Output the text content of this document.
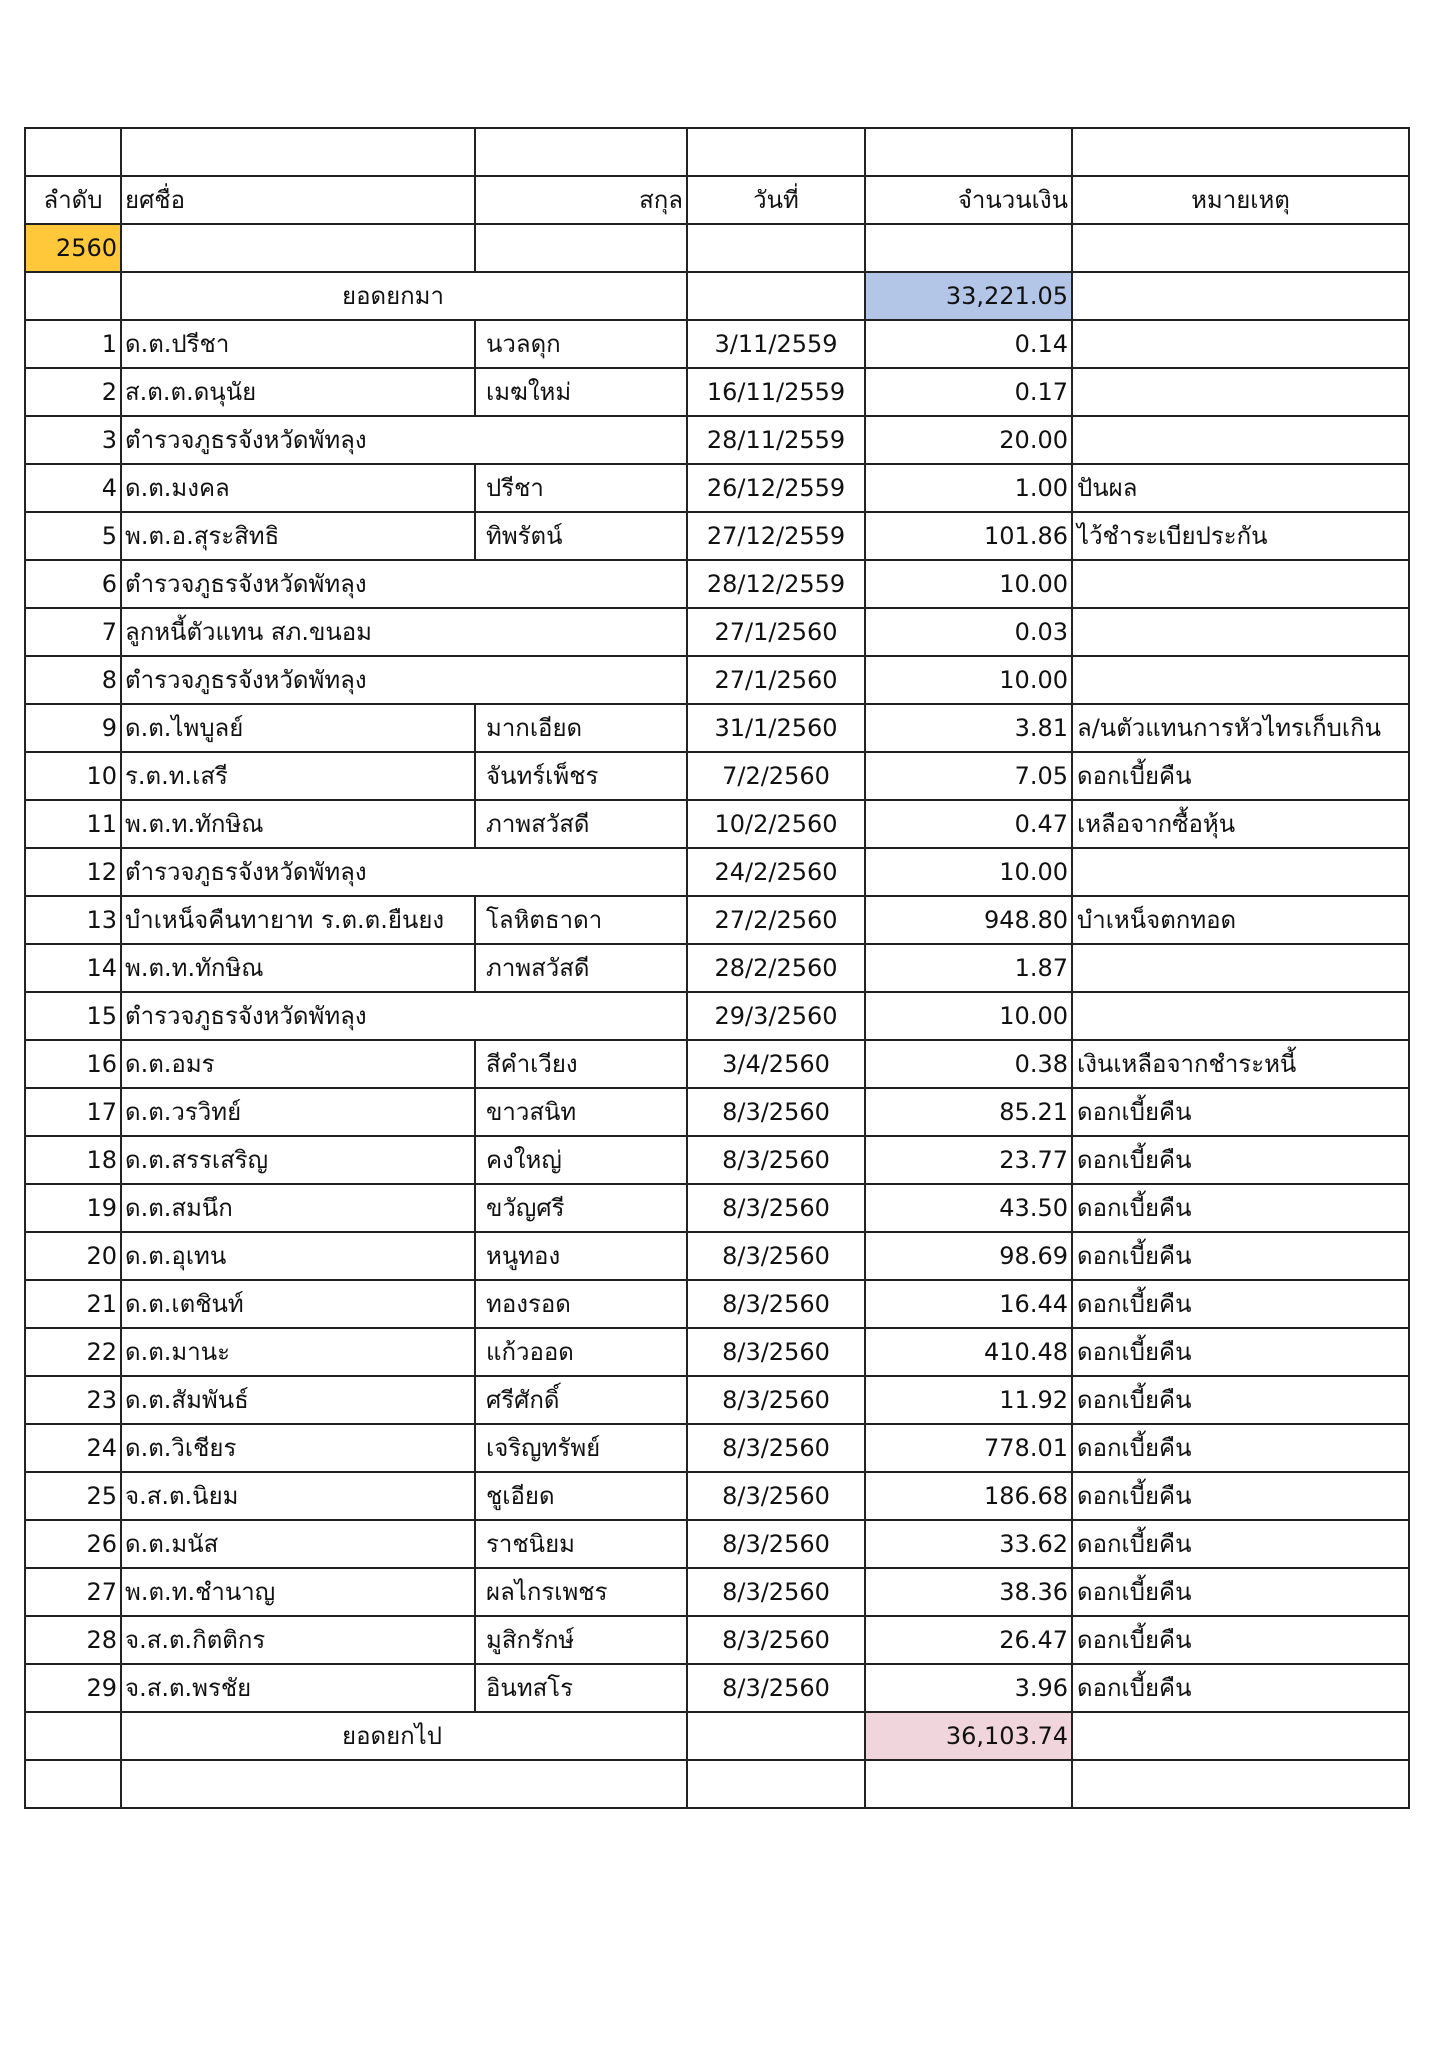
ลำดับ	ยศชื่อ	สกุล	วันที่	จำนวนเงิน	หมายเหตุ
2560					
	ยอดยกมา			33,221.05	
1	ด.ต.ปรีชา	นวลดุก	3/11/2559	0.14	
2	ส.ต.ต.ดนุนัย	เมฆใหม่	16/11/2559	0.17	
3	ตำรวจภูธรจังหวัดพัทลุง		28/11/2559	20.00	
4	ด.ต.มงคล	ปรีชา	26/12/2559	1.00	ปันผล
5	พ.ต.อ.สุระสิทธิ	ทิพรัตน์	27/12/2559	101.86	ไว้ชำระเบียประกัน
6	ตำรวจภูธรจังหวัดพัทลุง		28/12/2559	10.00	
7	ลูกหนี้ตัวแทน สภ.ขนอม		27/1/2560	0.03	
8	ตำรวจภูธรจังหวัดพัทลุง		27/1/2560	10.00	
9	ด.ต.ไพบูลย์	มากเอียด	31/1/2560	3.81	ล/นตัวแทนการหัวไทรเก็บเกิน
10	ร.ต.ท.เสรี	จันทร์เพ็ชร	7/2/2560	7.05	ดอกเบี้ยคืน
11	พ.ต.ท.ทักษิณ	ภาพสวัสดี	10/2/2560	0.47	เหลือจากซื้อหุ้น
12	ตำรวจภูธรจังหวัดพัทลุง		24/2/2560	10.00	
13	บำเหน็จคืนทายาท ร.ต.ต.ยืนยง	โลหิตธาดา	27/2/2560	948.80	บำเหน็จตกทอด
14	พ.ต.ท.ทักษิณ	ภาพสวัสดี	28/2/2560	1.87	
15	ตำรวจภูธรจังหวัดพัทลุง		29/3/2560	10.00	
16	ด.ต.อมร	สีคำเวียง	3/4/2560	0.38	เงินเหลือจากชำระหนี้
17	ด.ต.วรวิทย์	ขาวสนิท	8/3/2560	85.21	ดอกเบี้ยคืน
18	ด.ต.สรรเสริญ	คงใหญ่	8/3/2560	23.77	ดอกเบี้ยคืน
19	ด.ต.สมนึก	ขวัญศรี	8/3/2560	43.50	ดอกเบี้ยคืน
20	ด.ต.อุเทน	หนูทอง	8/3/2560	98.69	ดอกเบี้ยคืน
21	ด.ต.เตชินท์	ทองรอด	8/3/2560	16.44	ดอกเบี้ยคืน
22	ด.ต.มานะ	แก้วออด	8/3/2560	410.48	ดอกเบี้ยคืน
23	ด.ต.สัมพันธ์	ศรีศักดิ์	8/3/2560	11.92	ดอกเบี้ยคืน
24	ด.ต.วิเชียร	เจริญทรัพย์	8/3/2560	778.01	ดอกเบี้ยคืน
25	จ.ส.ต.นิยม	ชูเอียด	8/3/2560	186.68	ดอกเบี้ยคืน
26	ด.ต.มนัส	ราชนิยม	8/3/2560	33.62	ดอกเบี้ยคืน
27	พ.ต.ท.ชำนาญ	ผลไกรเพชร	8/3/2560	38.36	ดอกเบี้ยคืน
28	จ.ส.ต.กิตติกร	มูสิกรักษ์	8/3/2560	26.47	ดอกเบี้ยคืน
29	จ.ส.ต.พรชัย	อินทสโร	8/3/2560	3.96	ดอกเบี้ยคืน
	ยอดยกไป			36,103.74	
